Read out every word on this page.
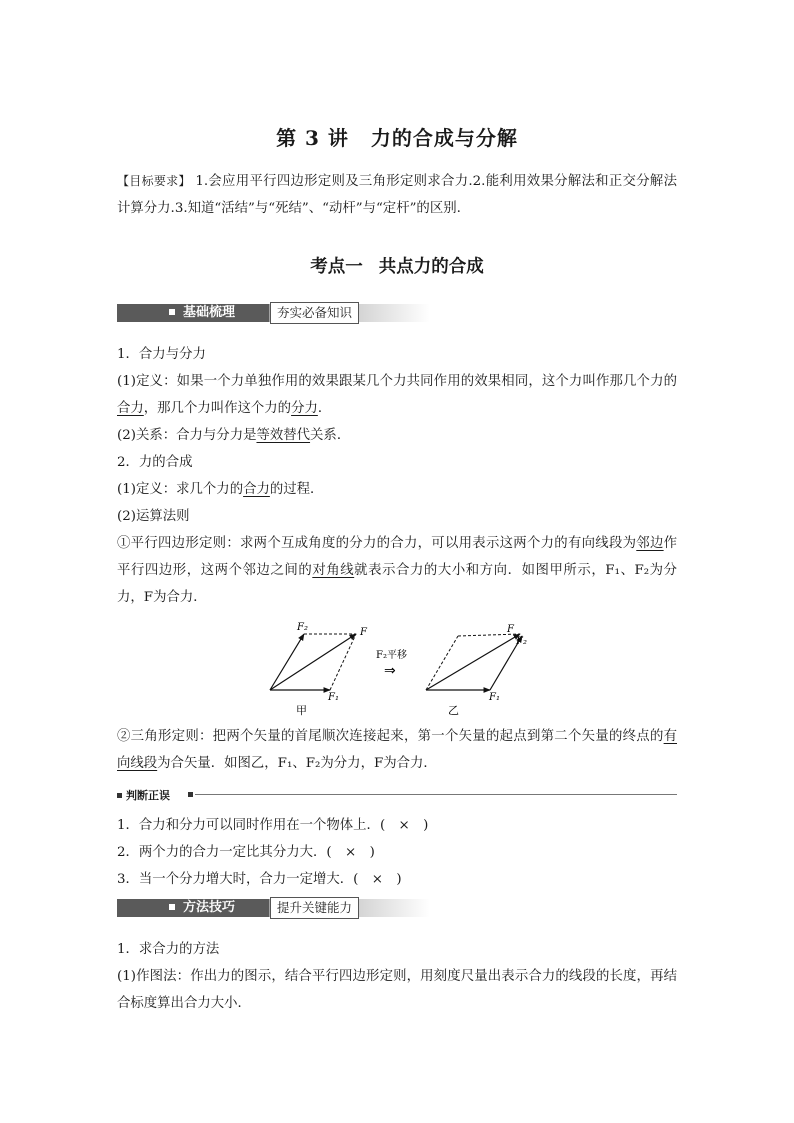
第 3 讲 力的合成与分解
【目标要求】 1.会应用平行四边形定则及三角形定则求合力.2.能利用效果分解法和正交分解法计算分力.3.知道“活结”与“死结”、“动杆”与“定杆”的区别.
考点一 共点力的合成
基础梳理	夯实必备知识
1．合力与分力
(1)定义：如果一个力单独作用的效果跟某几个力共同作用的效果相同，这个力叫作那几个力的合力，那几个力叫作这个力的分力．
(2)关系：合力与分力是等效替代关系．
2．力的合成
(1)定义：求几个力的合力的过程．
(2)运算法则
①平行四边形定则：求两个互成角度的分力的合力，可以用表示这两个力的有向线段为邻边作平行四边形，这两个邻边之间的对角线就表示合力的大小和方向．如图甲所示，F₁、F₂为分力，F为合力．
F₂	F
F₁
甲
F₂平移
⇒
F
F₂
F₁
乙
②三角形定则：把两个矢量的首尾顺次连接起来，第一个矢量的起点到第二个矢量的终点的有向线段为合矢量．如图乙，F₁、F₂为分力，F为合力．
判断正误
1．合力和分力可以同时作用在一个物体上．(　×　)
2．两个力的合力一定比其分力大．(　×　)
3．当一个分力增大时，合力一定增大．(　×　)
方法技巧	提升关键能力
1．求合力的方法
(1)作图法：作出力的图示，结合平行四边形定则，用刻度尺量出表示合力的线段的长度，再结合标度算出合力大小．
